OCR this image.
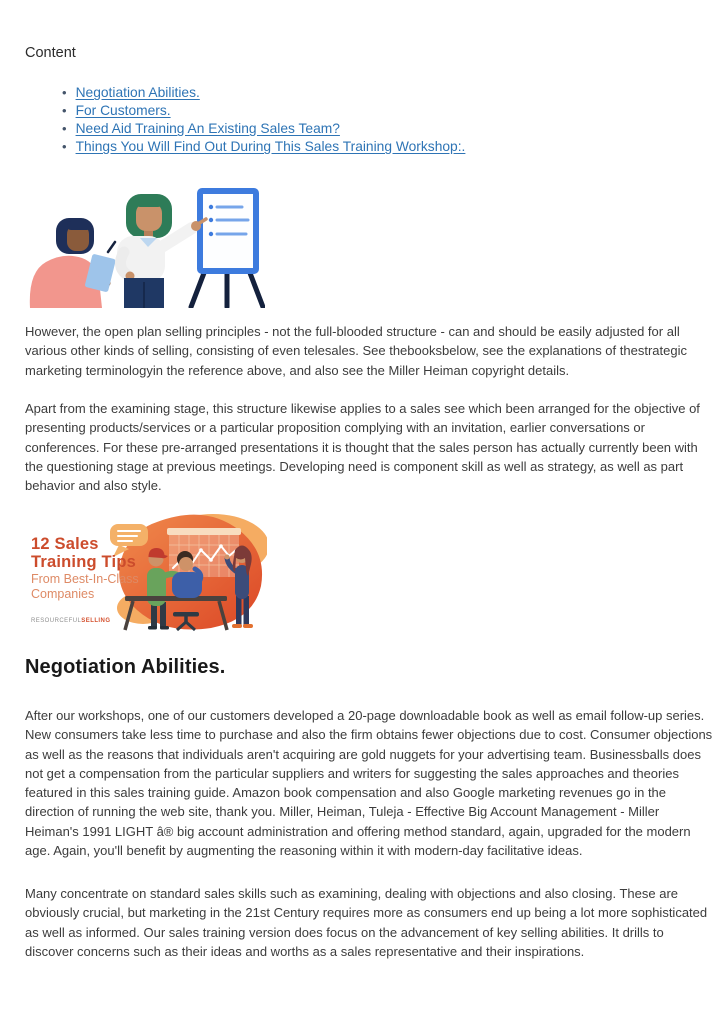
Content
• Negotiation Abilities.
• For Customers.
• Need Aid Training An Existing Sales Team?
• Things You Will Find Out During This Sales Training Workshop:.

However, the open plan selling principles - not the full-blooded structure - can and should be easily adjusted for all various other kinds of selling, consisting of even telesales. See thebooksbelow, see the explanations of thestrategic marketing terminologyin the reference above, and also see the Miller Heiman copyright details.

Apart from the examining stage, this structure likewise applies to a sales see which been arranged for the objective of presenting products/services or a particular proposition complying with an invitation, earlier conversations or conferences. For these pre-arranged presentations it is thought that the sales person has actually currently been with the questioning stage at previous meetings. Developing need is component skill as well as strategy, as well as part behavior and also style.

12 Sales
Training Tips
From Best-In-Class
Companies
RESOURCEFULSELLING
Negotiation Abilities.

After our workshops, one of our customers developed a 20-page downloadable book as well as email follow-up series. New consumers take less time to purchase and also the firm obtains fewer objections due to cost. Consumer objections as well as the reasons that individuals aren't acquiring are gold nuggets for your advertising team. Businessballs does not get a compensation from the particular suppliers and writers for suggesting the sales approaches and theories featured in this sales training guide. Amazon book compensation and also Google marketing revenues go in the direction of running the web site, thank you. Miller, Heiman, Tuleja - Effective Big Account Management - Miller Heiman's 1991 LIGHT â® big account administration and offering method standard, again, upgraded for the modern age. Again, you'll benefit by augmenting the reasoning within it with modern-day facilitative ideas.

Many concentrate on standard sales skills such as examining, dealing with objections and also closing. These are obviously crucial, but marketing in the 21st Century requires more as consumers end up being a lot more sophisticated as well as informed. Our sales training version does focus on the advancement of key selling abilities. It drills to discover concerns such as their ideas and worths as a sales representative and their inspirations.
